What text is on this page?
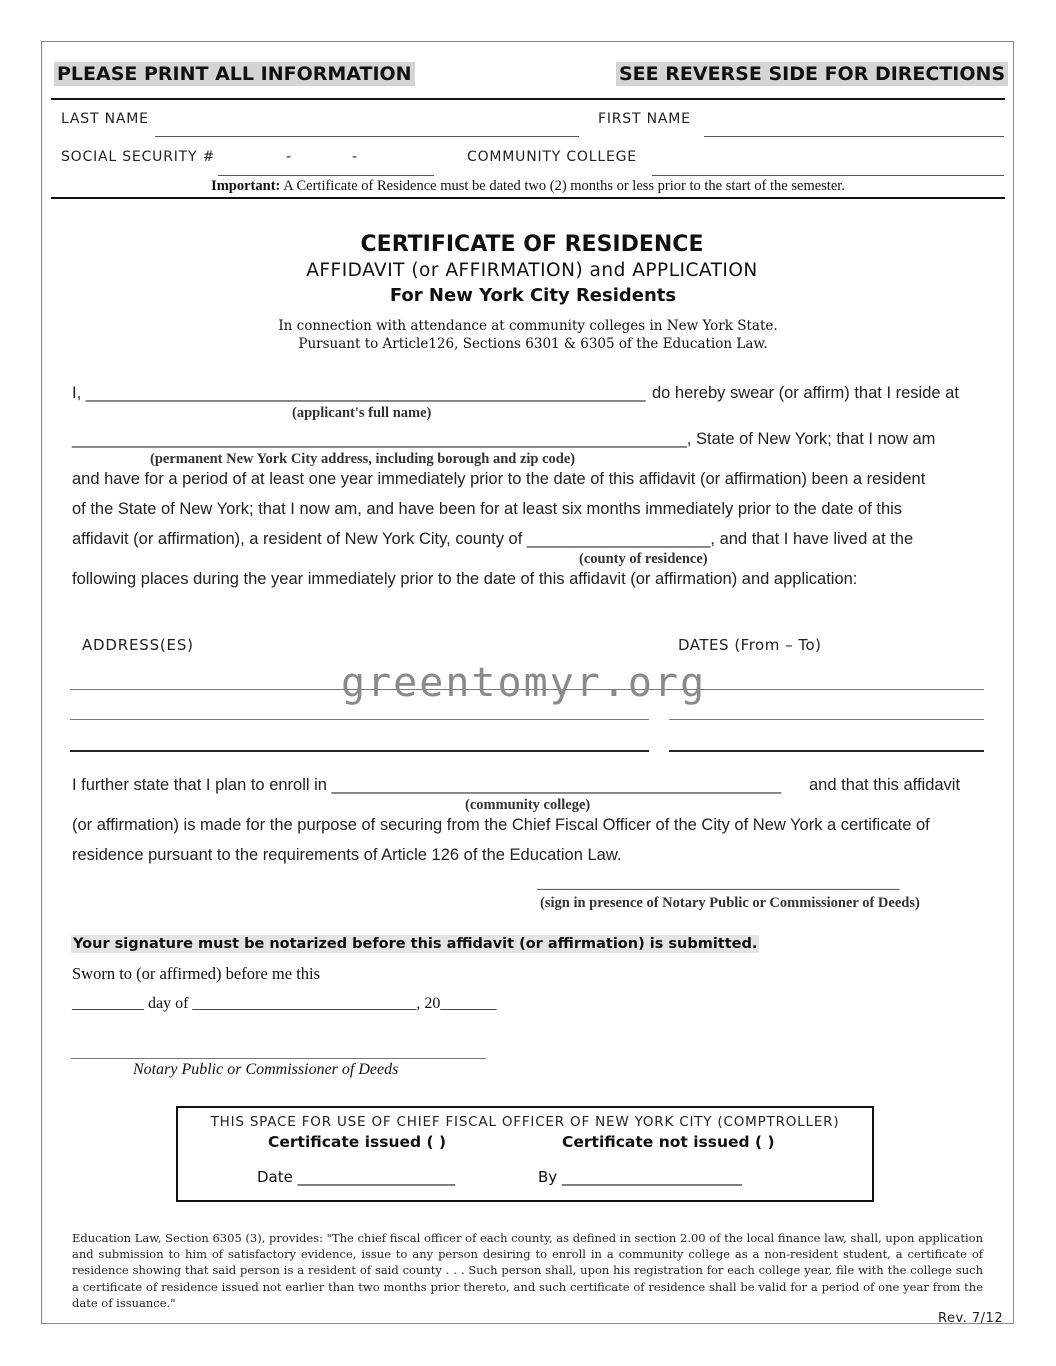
PLEASE PRINT ALL INFORMATION	SEE REVERSE SIDE FOR DIRECTIONS
LAST NAME	FIRST NAME
SOCIAL SECURITY #	-	-	COMMUNITY COLLEGE
Important: A Certificate of Residence must be dated two (2) months or less prior to the start of the semester.
CERTIFICATE OF RESIDENCE
AFFIDAVIT (or AFFIRMATION) and APPLICATION
For New York City Residents
In connection with attendance at community colleges in New York State.
Pursuant to Article126, Sections 6301 & 6305 of the Education Law.
I, _____________________________________________________________ do hereby swear (or affirm) that I reside at
(applicant's full name)
___________________________________________________________________, State of New York; that I now am
(permanent New York City address, including borough and zip code)
and have for a period of at least one year immediately prior to the date of this affidavit (or affirmation) been a resident
of the State of New York; that I now am, and have been for at least six months immediately prior to the date of this
affidavit (or affirmation), a resident of New York City, county of ____________________, and that I have lived at the
(county of residence)
following places during the year immediately prior to the date of this affidavit (or affirmation) and application:
ADDRESS(ES)	DATES (From – To)
greentomyr.org
I further state that I plan to enroll in _________________________________________________ and that this affidavit
(community college)
(or affirmation) is made for the purpose of securing from the Chief Fiscal Officer of the City of New York a certificate of
residence pursuant to the requirements of Article 126 of the Education Law.
__________________________________________________
(sign in presence of Notary Public or Commissioner of Deeds)
Your signature must be notarized before this affidavit (or affirmation) is submitted.
Sworn to (or affirmed) before me this
_________ day of ____________________________, 20_______
Notary Public or Commissioner of Deeds
THIS SPACE FOR USE OF CHIEF FISCAL OFFICER OF NEW YORK CITY (COMPTROLLER)
Certificate issued ( )	Certificate not issued ( )
Date _____________________	By ________________________
Education Law, Section 6305 (3), provides: "The chief fiscal officer of each county, as defined in section 2.00 of the local finance law, shall, upon application and submission to him of satisfactory evidence, issue to any person desiring to enroll in a community college as a non-resident student, a certificate of residence showing that said person is a resident of said county . . . Such person shall, upon his registration for each college year, file with the college such a certificate of residence issued not earlier than two months prior thereto, and such certificate of residence shall be valid for a period of one year from the date of issuance."
Rev. 7/12
